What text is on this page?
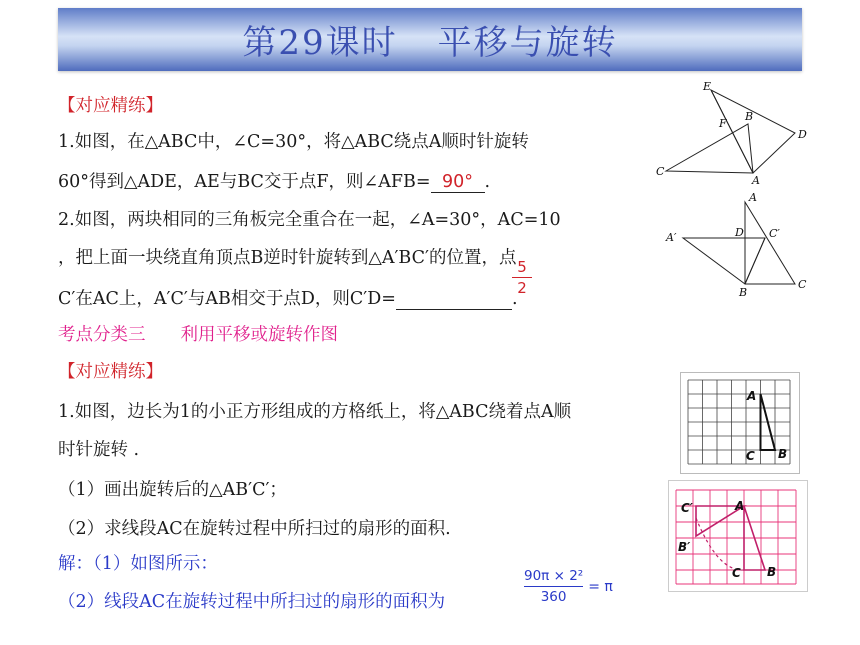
第29课时 平移与旋转
【对应精练】
1.如图，在△ABC中，∠C=30°，将△ABC绕点A顺时针旋转
60°得到△ADE，AE与BC交于点F，则∠AFB= 90° .
2.如图，两块相同的三角板完全重合在一起，∠A=30°，AC=10
，把上面一块绕直角顶点B逆时针旋转到△A′BC′的位置，点
C′在AC上，A′C′与AB相交于点D，则C′D=	.
5
2
考点分类三　　利用平移或旋转作图
【对应精练】
1.如图，边长为1的小正方形组成的方格纸上，将△ABC绕着点A顺
时针旋转 .
（1）画出旋转后的△AB′C′；
（2）求线段AC在旋转过程中所扫过的扇形的面积.
解：（1）如图所示：
（2）线段AC在旋转过程中所扫过的扇形的面积为	$\frac{\text{90π × 2²}}{360} = \pi$
E
F
B
D
C
A
A
A′	D C′
B
C
A
B
C
C′	A
B′
C B
